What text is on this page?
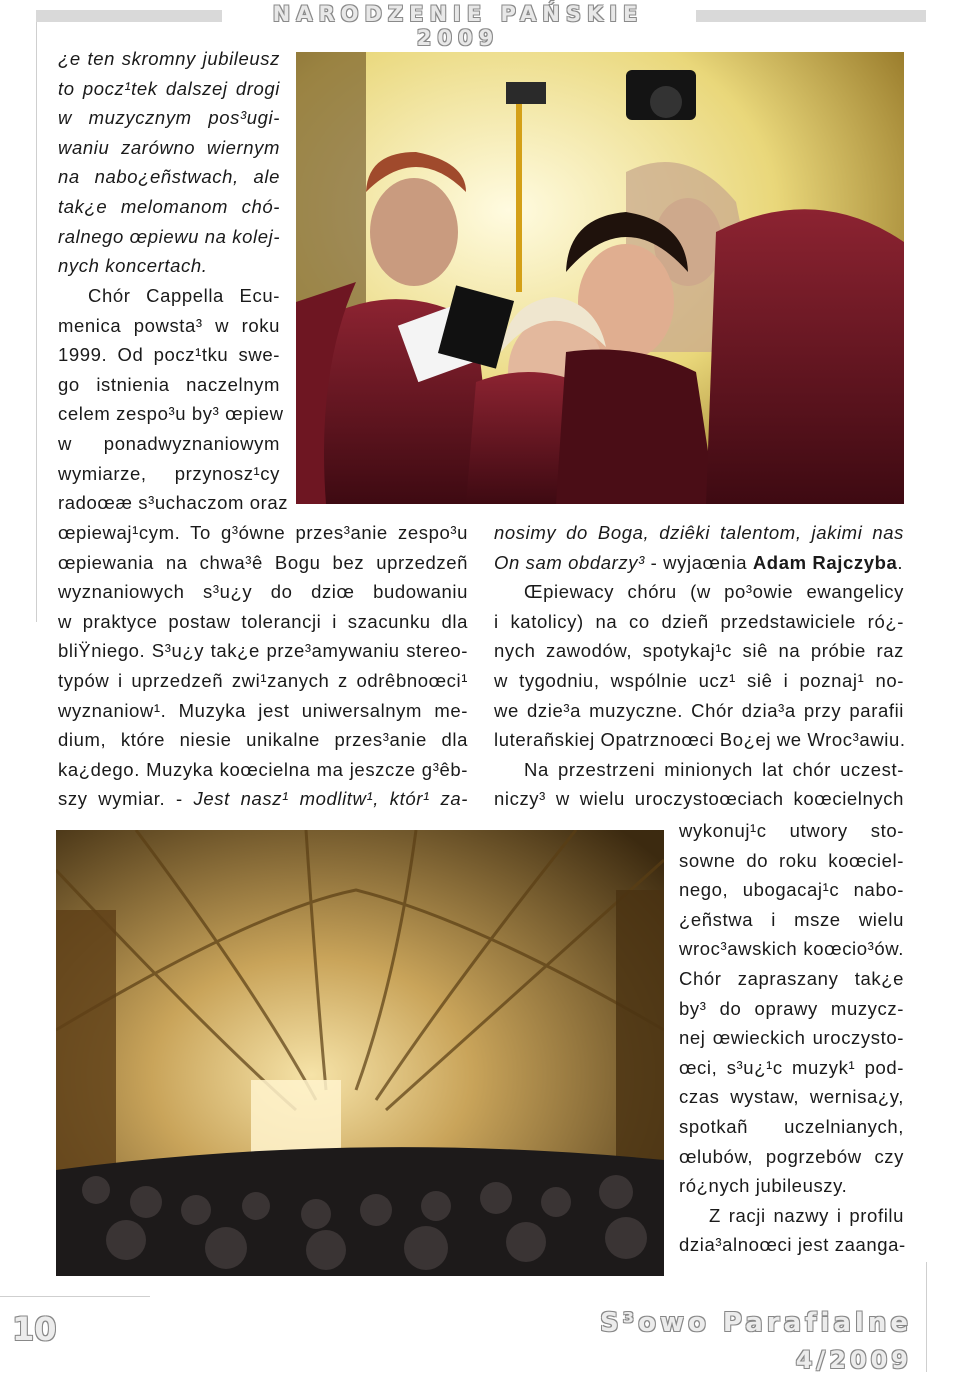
NARODZENIE PAŃSKIE 2009
¿e ten skromny jubileusz
to pocz¹tek dalszej drogi
w muzycznym pos³ugi-
waniu zarówno wiernym
na nabo¿eñstwach, ale
tak¿e melomanom chó-
ralnego œpiewu na kolej-
nych koncertach.
Chór Cappella Ecu-
menica powsta³ w roku
1999. Od pocz¹tku swe-
go istnienia naczelnym
celem zespo³u by³ œpiew
w ponadwyznaniowym
wymiarze, przynosz¹cy
radoœæ s³uchaczom oraz
œpiewaj¹cym. To g³ówne przes³anie zespo³u
œpiewania na chwa³ê Bogu bez uprzedzeñ
wyznaniowych s³u¿y do dziœ budowaniu
w praktyce postaw tolerancji i szacunku dla
bliŸniego. S³u¿y tak¿e prze³amywaniu stereo-
typów i uprzedzeñ zwi¹zanych z odrêbnoœci¹
wyznaniow¹. Muzyka jest uniwersalnym me-
dium, które niesie unikalne przes³anie dla
ka¿dego. Muzyka koœcielna ma jeszcze g³êb-
szy wymiar. - Jest nasz¹ modlitw¹, któr¹ za-
nosimy do Boga, dziêki talentom, jakimi nas
On sam obdarzy³ - wyjaœnia Adam Rajczyba.
Œpiewacy chóru (w po³owie ewangelicy
i katolicy) na co dzieñ przedstawiciele ró¿-
nych zawodów, spotykaj¹c siê na próbie raz
w tygodniu, wspólnie ucz¹ siê i poznaj¹ no-
we dzie³a muzyczne. Chór dzia³a przy parafii
luterañskiej Opatrznoœci Bo¿ej we Wroc³awiu.
Na przestrzeni minionych lat chór uczest-
niczy³ w wielu uroczystoœciach koœcielnych
wykonuj¹c utwory sto-
sowne do roku koœciel-
nego, ubogacaj¹c nabo-
¿eñstwa i msze wielu
wroc³awskich koœcio³ów.
Chór zapraszany tak¿e
by³ do oprawy muzycz-
nej œwieckich uroczysto-
œci, s³u¿¹c muzyk¹ pod-
czas wystaw, wernisa¿y,
spotkañ uczelnianych,
œlubów, pogrzebów czy
ró¿nych jubileuszy.
Z racji nazwy i profilu
dzia³alnoœci jest zaanga-
10	S³owo Parafialne
4/2009
